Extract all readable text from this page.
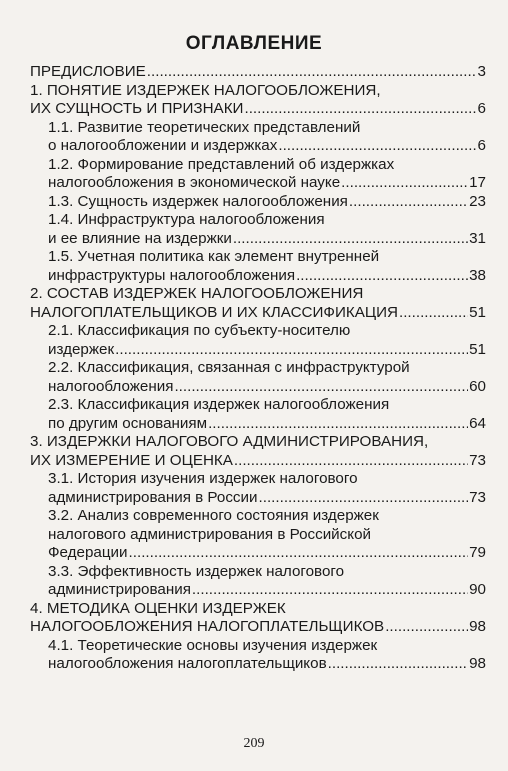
ОГЛАВЛЕНИЕ
ПРЕДИСЛОВИЕ .....	3
1. ПОНЯТИЕ ИЗДЕРЖЕК НАЛОГООБЛОЖЕНИЯ,
ИХ СУЩНОСТЬ И ПРИЗНАКИ .....	6
1.1. Развитие теоретических представлений
о налогообложении и издержках .....	6
1.2. Формирование представлений об издержках
налогообложения в экономической науке .....	17
1.3. Сущность издержек налогообложения .....	23
1.4. Инфраструктура налогообложения
и ее влияние на издержки .....	31
1.5. Учетная политика как элемент внутренней
инфраструктуры налогообложения .....	38
2. СОСТАВ ИЗДЕРЖЕК НАЛОГООБЛОЖЕНИЯ
НАЛОГОПЛАТЕЛЬЩИКОВ И ИХ КЛАССИФИКАЦИЯ .....	51
2.1. Классификация по субъекту-носителю
издержек .....	51
2.2. Классификация, связанная с инфраструктурой
налогообложения .....	60
2.3. Классификация издержек налогообложения
по другим основаниям .....	64
3. ИЗДЕРЖКИ НАЛОГОВОГО АДМИНИСТРИРОВАНИЯ,
ИХ ИЗМЕРЕНИЕ И ОЦЕНКА .....	73
3.1. История изучения издержек налогового
администрирования в России .....	73
3.2. Анализ современного состояния издержек
налогового администрирования в Российской
Федерации .....	79
3.3. Эффективность издержек налогового
администрирования .....	90
4. МЕТОДИКА ОЦЕНКИ ИЗДЕРЖЕК
НАЛОГООБЛОЖЕНИЯ НАЛОГОПЛАТЕЛЬЩИКОВ .....	98
4.1. Теоретические основы изучения издержек
налогообложения налогоплательщиков .....	98
209
